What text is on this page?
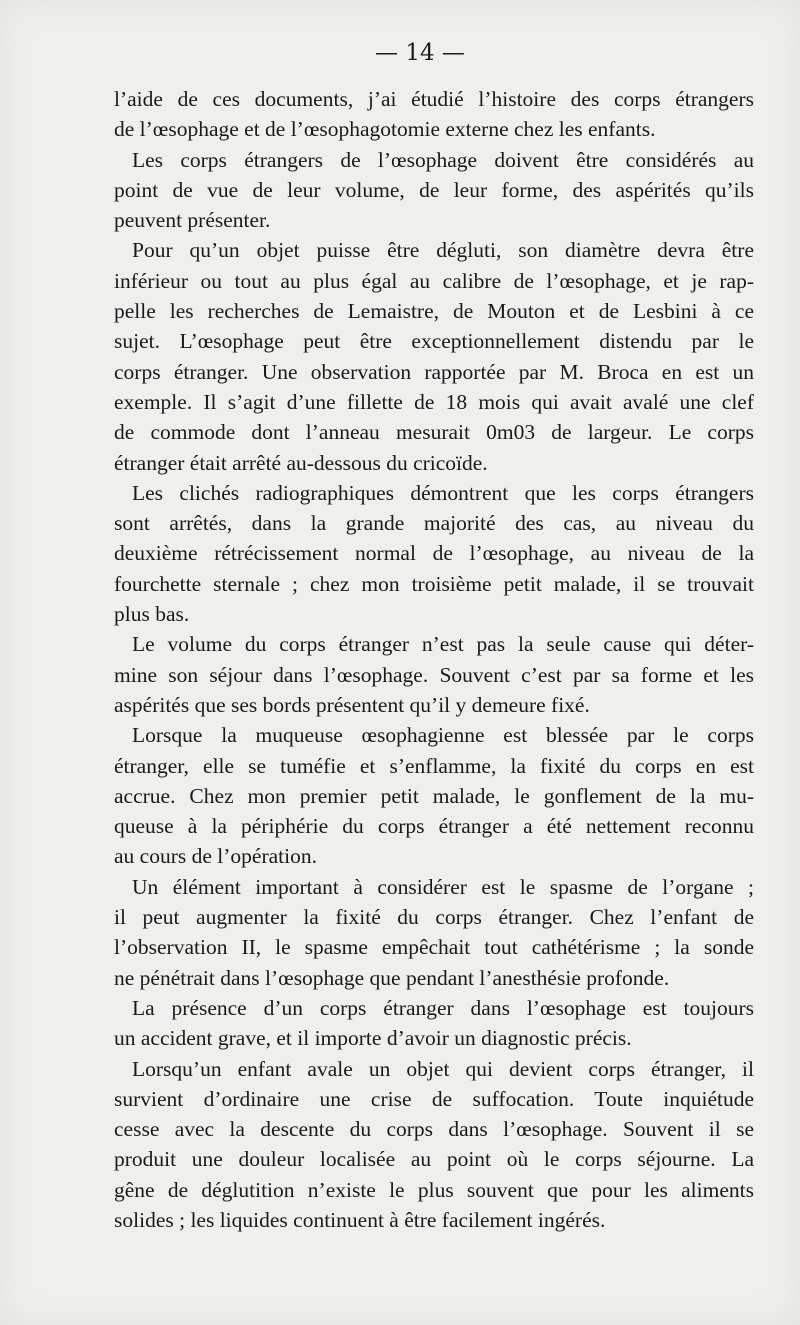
— 14 —
l’aide de ces documents, j’ai étudié l’histoire des corps étrangers
de l’œsophage et de l’œsophagotomie externe chez les enfants.
Les corps étrangers de l’œsophage doivent être considérés au
point de vue de leur volume, de leur forme, des aspérités qu’ils
peuvent présenter.
Pour qu’un objet puisse être dégluti, son diamètre devra être
inférieur ou tout au plus égal au calibre de l’œsophage, et je rap-
pelle les recherches de Lemaistre, de Mouton et de Lesbini à ce
sujet. L’œsophage peut être exceptionnellement distendu par le
corps étranger. Une observation rapportée par M. Broca en est un
exemple. Il s’agit d’une fillette de 18 mois qui avait avalé une clef
de commode dont l’anneau mesurait 0m03 de largeur. Le corps
étranger était arrêté au-dessous du cricoïde.
Les clichés radiographiques démontrent que les corps étrangers
sont arrêtés, dans la grande majorité des cas, au niveau du
deuxième rétrécissement normal de l’œsophage, au niveau de la
fourchette sternale ; chez mon troisième petit malade, il se trouvait
plus bas.
Le volume du corps étranger n’est pas la seule cause qui déter-
mine son séjour dans l’œsophage. Souvent c’est par sa forme et les
aspérités que ses bords présentent qu’il y demeure fixé.
Lorsque la muqueuse œsophagienne est blessée par le corps
étranger, elle se tuméfie et s’enflamme, la fixité du corps en est
accrue. Chez mon premier petit malade, le gonflement de la mu-
queuse à la périphérie du corps étranger a été nettement reconnu
au cours de l’opération.
Un élément important à considérer est le spasme de l’organe ;
il peut augmenter la fixité du corps étranger. Chez l’enfant de
l’observation II, le spasme empêchait tout cathétérisme ; la sonde
ne pénétrait dans l’œsophage que pendant l’anesthésie profonde.
La présence d’un corps étranger dans l’œsophage est toujours
un accident grave, et il importe d’avoir un diagnostic précis.
Lorsqu’un enfant avale un objet qui devient corps étranger, il
survient d’ordinaire une crise de suffocation. Toute inquiétude
cesse avec la descente du corps dans l’œsophage. Souvent il se
produit une douleur localisée au point où le corps séjourne. La
gêne de déglutition n’existe le plus souvent que pour les aliments
solides ; les liquides continuent à être facilement ingérés.
